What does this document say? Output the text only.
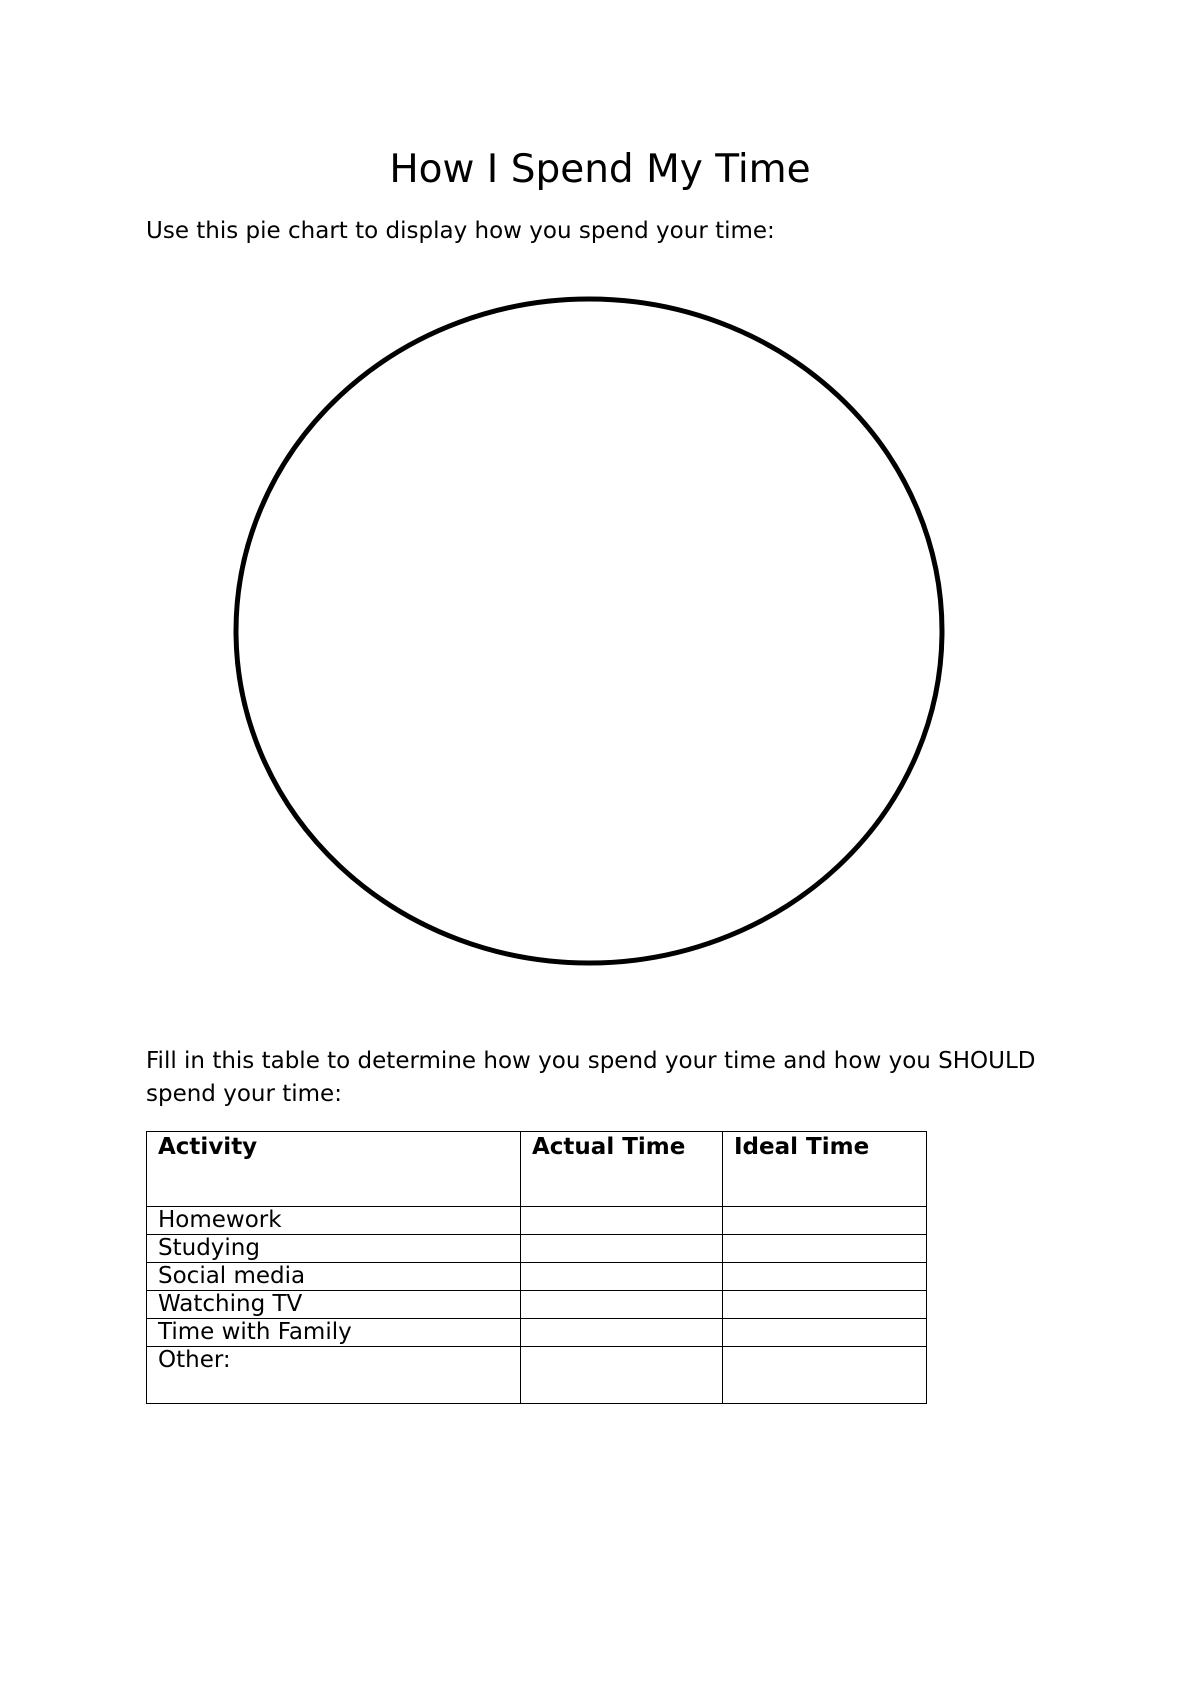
How I Spend My Time

Use this pie chart to display how you spend your time:

Fill in this table to determine how you spend your time and how you SHOULD spend your time:

Activity	Actual Time	Ideal Time
Homework		
Studying		
Social media		
Watching TV		
Time with Family		
Other:		
